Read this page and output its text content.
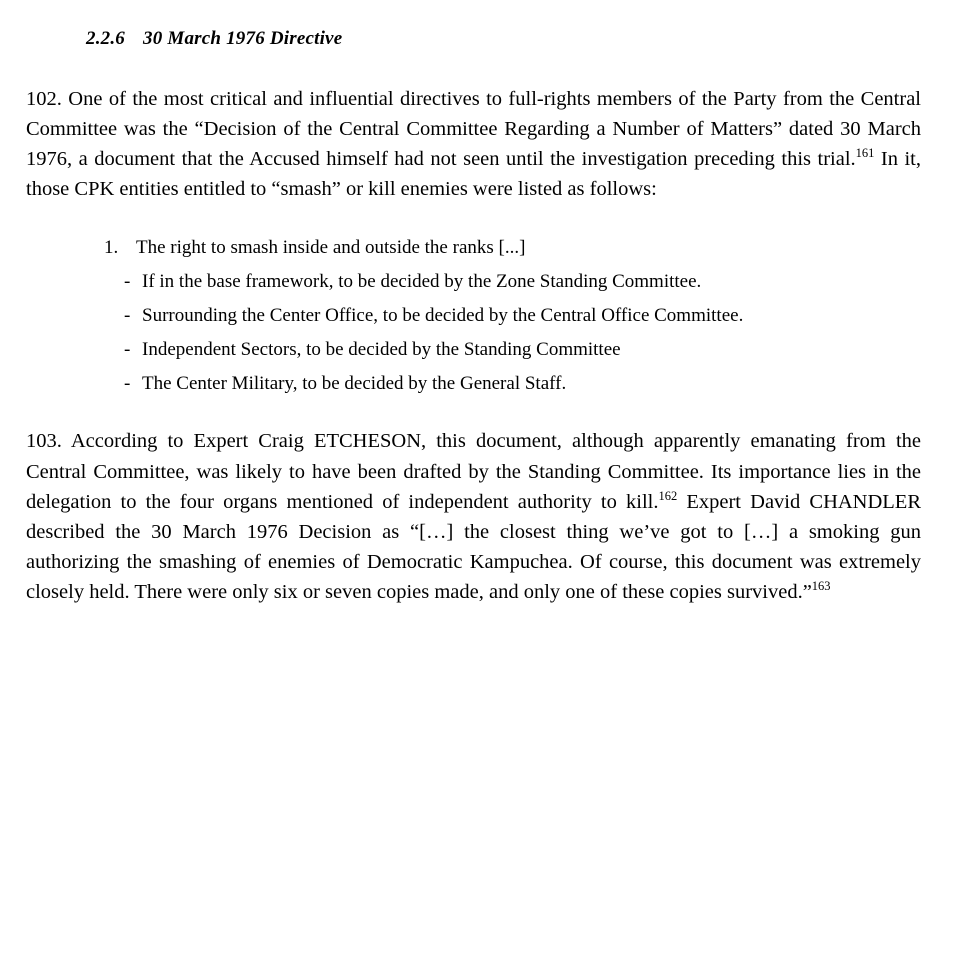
2.2.6 30 March 1976 Directive

102. One of the most critical and influential directives to full-rights members of the Party from the Central Committee was the “Decision of the Central Committee Regarding a Number of Matters” dated 30 March 1976, a document that the Accused himself had not seen until the investigation preceding this trial.$^{161}$ In it, those CPK entities entitled to “smash” or kill enemies were listed as follows:

1. The right to smash inside and outside the ranks [...]
- If in the base framework, to be decided by the Zone Standing Committee.
- Surrounding the Center Office, to be decided by the Central Office Committee.
- Independent Sectors, to be decided by the Standing Committee
- The Center Military, to be decided by the General Staff.

103. According to Expert Craig ETCHESON, this document, although apparently emanating from the Central Committee, was likely to have been drafted by the Standing Committee. Its importance lies in the delegation to the four organs mentioned of independent authority to kill.$^{162}$ Expert David CHANDLER described the 30 March 1976 Decision as “[…] the closest thing we’ve got to […] a smoking gun authorizing the smashing of enemies of Democratic Kampuchea. Of course, this document was extremely closely held. There were only six or seven copies made, and only one of these copies survived.”$^{163}$
